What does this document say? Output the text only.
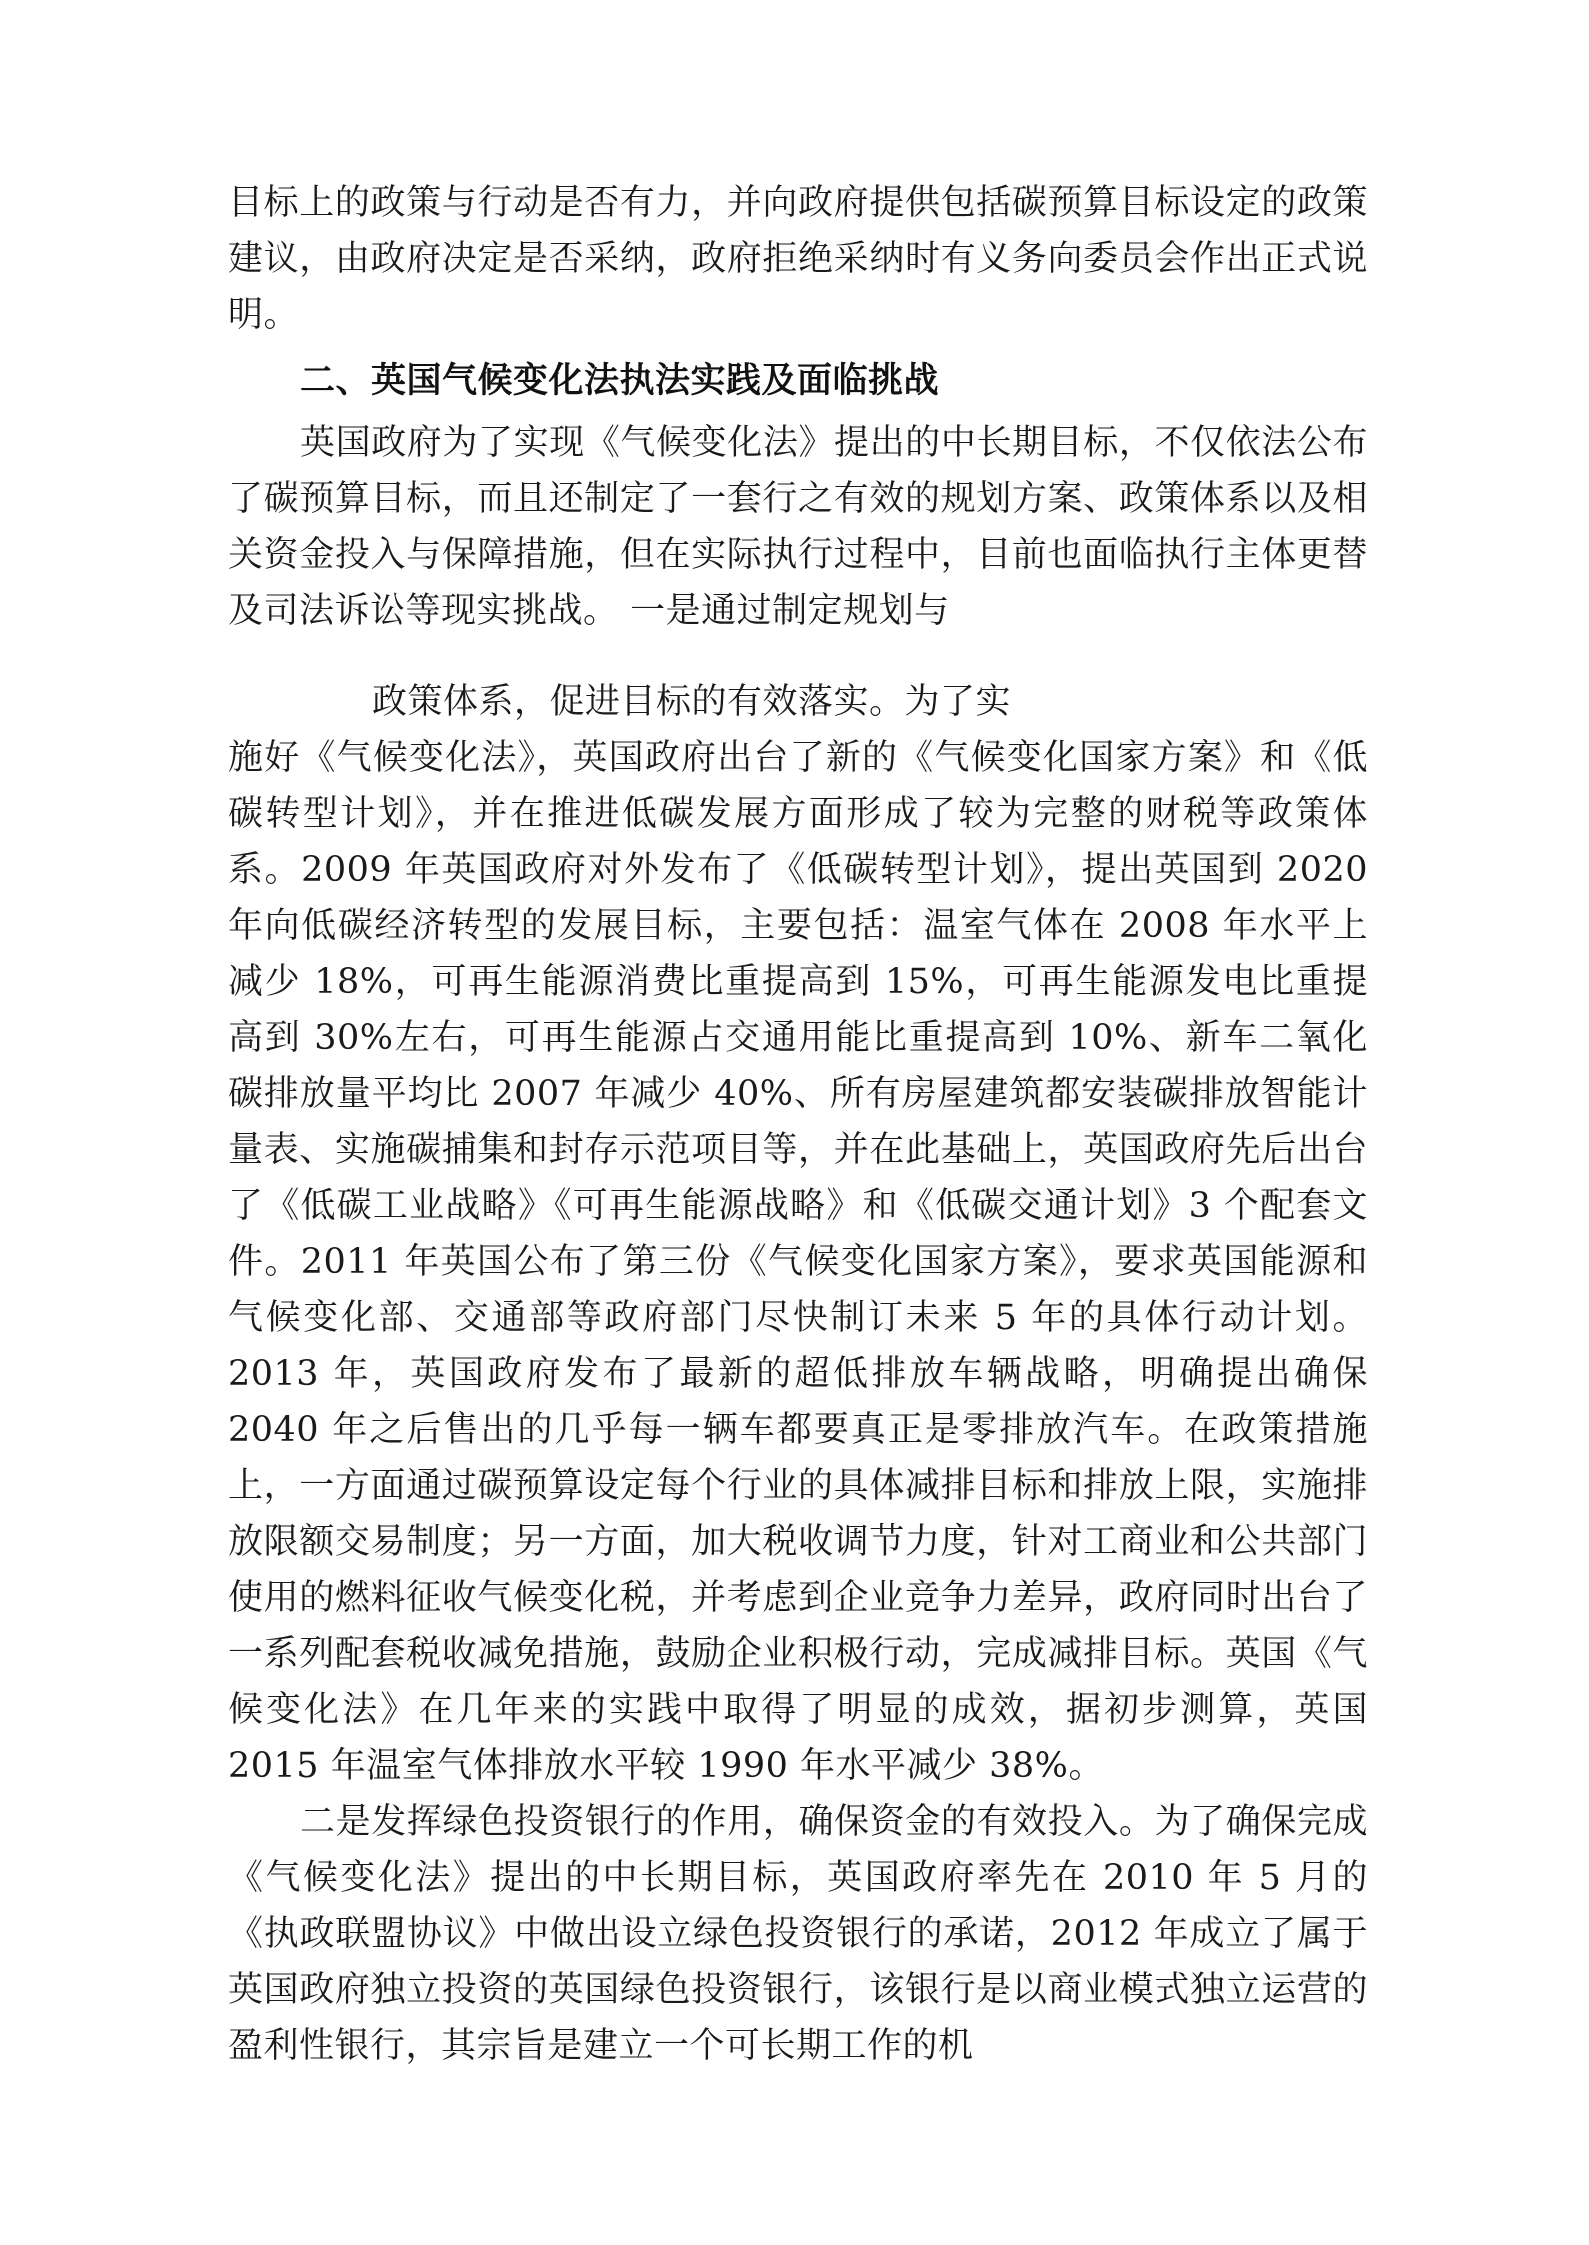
目标上的政策与行动是否有力，并向政府提供包括碳预算目标设定的政策建议，由政府决定是否采纳，政府拒绝采纳时有义务向委员会作出正式说明。

二、英国气候变化法执法实践及面临挑战

英国政府为了实现《气候变化法》提出的中长期目标，不仅依法公布了碳预算目标，而且还制定了一套行之有效的规划方案、政策体系以及相关资金投入与保障措施，但在实际执行过程中，目前也面临执行主体更替及司法诉讼等现实挑战。 一是通过制定规划与

政策体系，促进目标的有效落实。为了实

施好《气候变化法》，英国政府出台了新的《气候变化国家方案》和《低碳转型计划》，并在推进低碳发展方面形成了较为完整的财税等政策体系。2009 年英国政府对外发布了《低碳转型计划》，提出英国到 2020 年向低碳经济转型的发展目标，主要包括：温室气体在 2008 年水平上减少 18%，可再生能源消费比重提高到 15%，可再生能源发电比重提高到 30%左右，可再生能源占交通用能比重提高到 10%、新车二氧化碳排放量平均比 2007 年减少 40%、所有房屋建筑都安装碳排放智能计量表、实施碳捕集和封存示范项目等，并在此基础上，英国政府先后出台了《低碳工业战略》《可再生能源战略》和《低碳交通计划》3 个配套文件。2011 年英国公布了第三份《气候变化国家方案》，要求英国能源和气候变化部、交通部等政府部门尽快制订未来 5 年的具体行动计划。2013 年，英国政府发布了最新的超低排放车辆战略，明确提出确保 2040 年之后售出的几乎每一辆车都要真正是零排放汽车。在政策措施上，一方面通过碳预算设定每个行业的具体减排目标和排放上限，实施排放限额交易制度；另一方面，加大税收调节力度，针对工商业和公共部门使用的燃料征收气候变化税，并考虑到企业竞争力差异，政府同时出台了一系列配套税收减免措施，鼓励企业积极行动，完成减排目标。英国《气候变化法》在几年来的实践中取得了明显的成效，据初步测算，英国 2015 年温室气体排放水平较 1990 年水平减少 38%。

二是发挥绿色投资银行的作用，确保资金的有效投入。为了确保完成《气候变化法》提出的中长期目标，英国政府率先在 2010 年 5 月的《执政联盟协议》中做出设立绿色投资银行的承诺，2012 年成立了属于英国政府独立投资的英国绿色投资银行，该银行是以商业模式独立运营的盈利性银行，其宗旨是建立一个可长期工作的机
